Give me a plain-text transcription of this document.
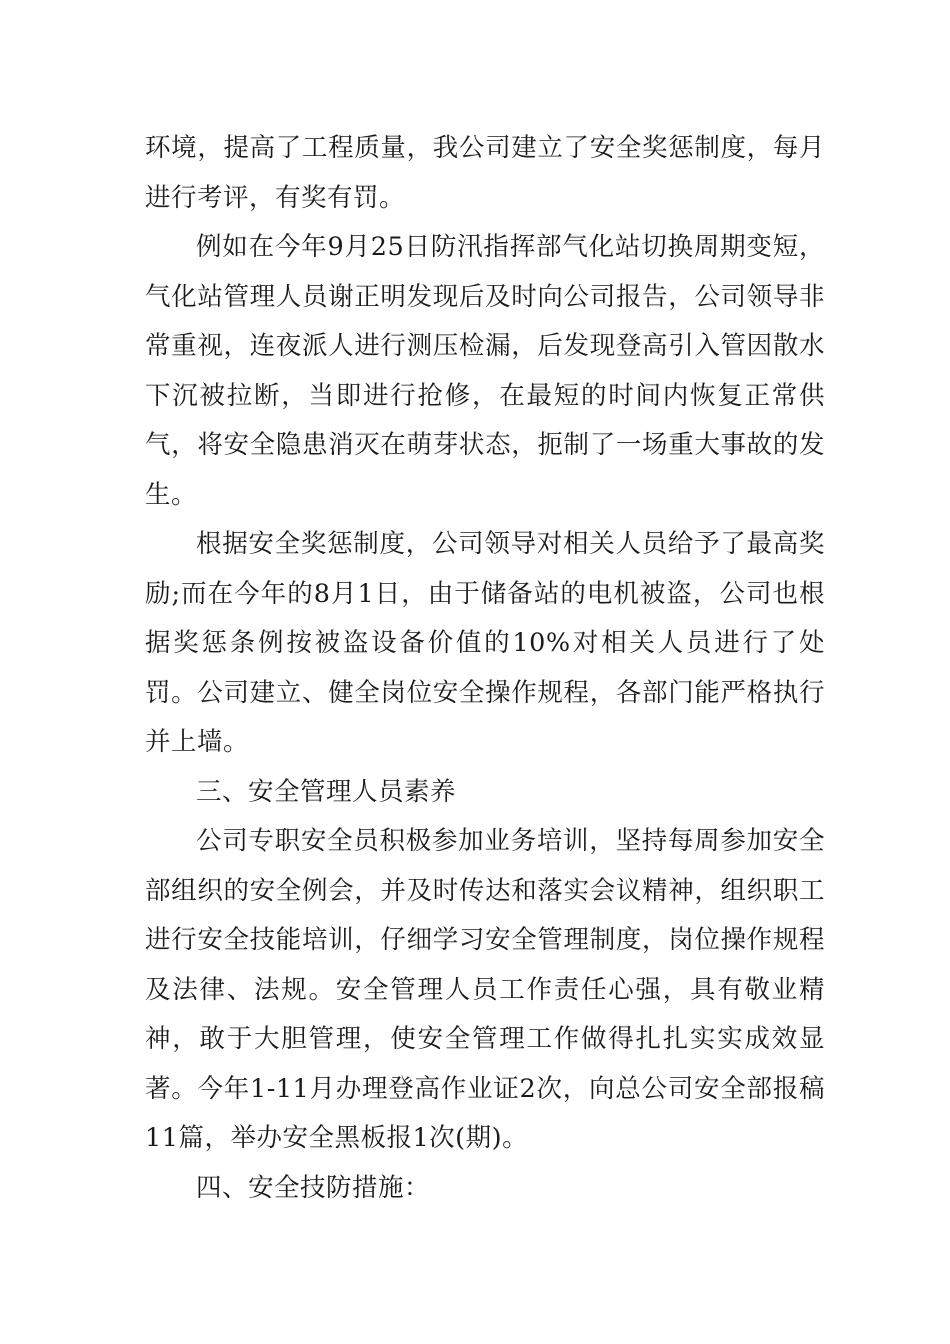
环境，提高了工程质量，我公司建立了安全奖惩制度，每月进行考评，有奖有罚。

例如在今年9月25日防汛指挥部气化站切换周期变短，气化站管理人员谢正明发现后及时向公司报告，公司领导非常重视，连夜派人进行测压检漏，后发现登高引入管因散水下沉被拉断，当即进行抢修，在最短的时间内恢复正常供气，将安全隐患消灭在萌芽状态，扼制了一场重大事故的发生。

根据安全奖惩制度，公司领导对相关人员给予了最高奖励;而在今年的8月1日，由于储备站的电机被盗，公司也根据奖惩条例按被盗设备价值的10%对相关人员进行了处罚。公司建立、健全岗位安全操作规程，各部门能严格执行并上墙。

三、安全管理人员素养

公司专职安全员积极参加业务培训，坚持每周参加安全部组织的安全例会，并及时传达和落实会议精神，组织职工进行安全技能培训，仔细学习安全管理制度，岗位操作规程及法律、法规。安全管理人员工作责任心强，具有敬业精神，敢于大胆管理，使安全管理工作做得扎扎实实成效显著。今年1-11月办理登高作业证2次，向总公司安全部报稿11篇，举办安全黑板报1次(期)。

四、安全技防措施：
